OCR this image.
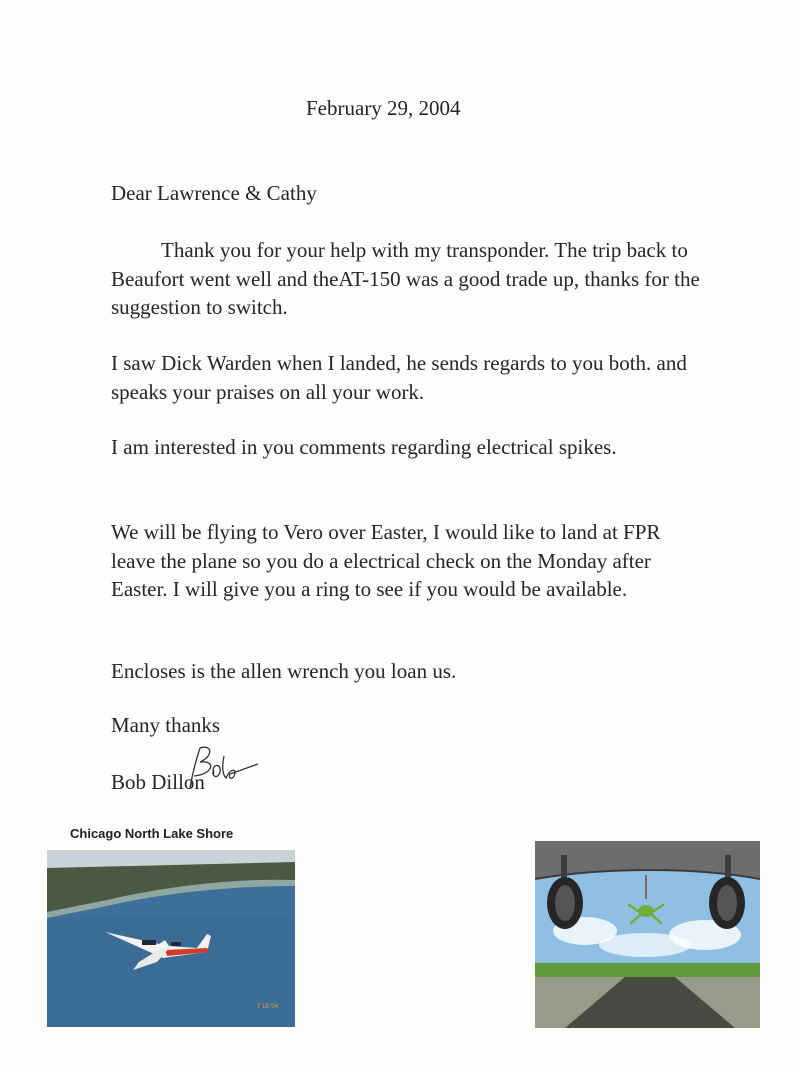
February 29, 2004
Dear Lawrence & Cathy

Thank you for your help with my transponder. The trip back to Beaufort went well and theAT-150 was a good trade up, thanks for the suggestion to switch.

I saw Dick Warden when I landed, he sends regards to you both. and speaks your praises on all your work.

I am interested in you comments regarding electrical spikes.

We will be flying to Vero over Easter, I would like to land at FPR leave the plane so you do a electrical check on the Monday after Easter. I will give you a ring to see if you would be available.

Encloses is the allen wrench you loan us.

Many thanks
Bob Dillon
Chicago North Lake Shore
7 18 '04
